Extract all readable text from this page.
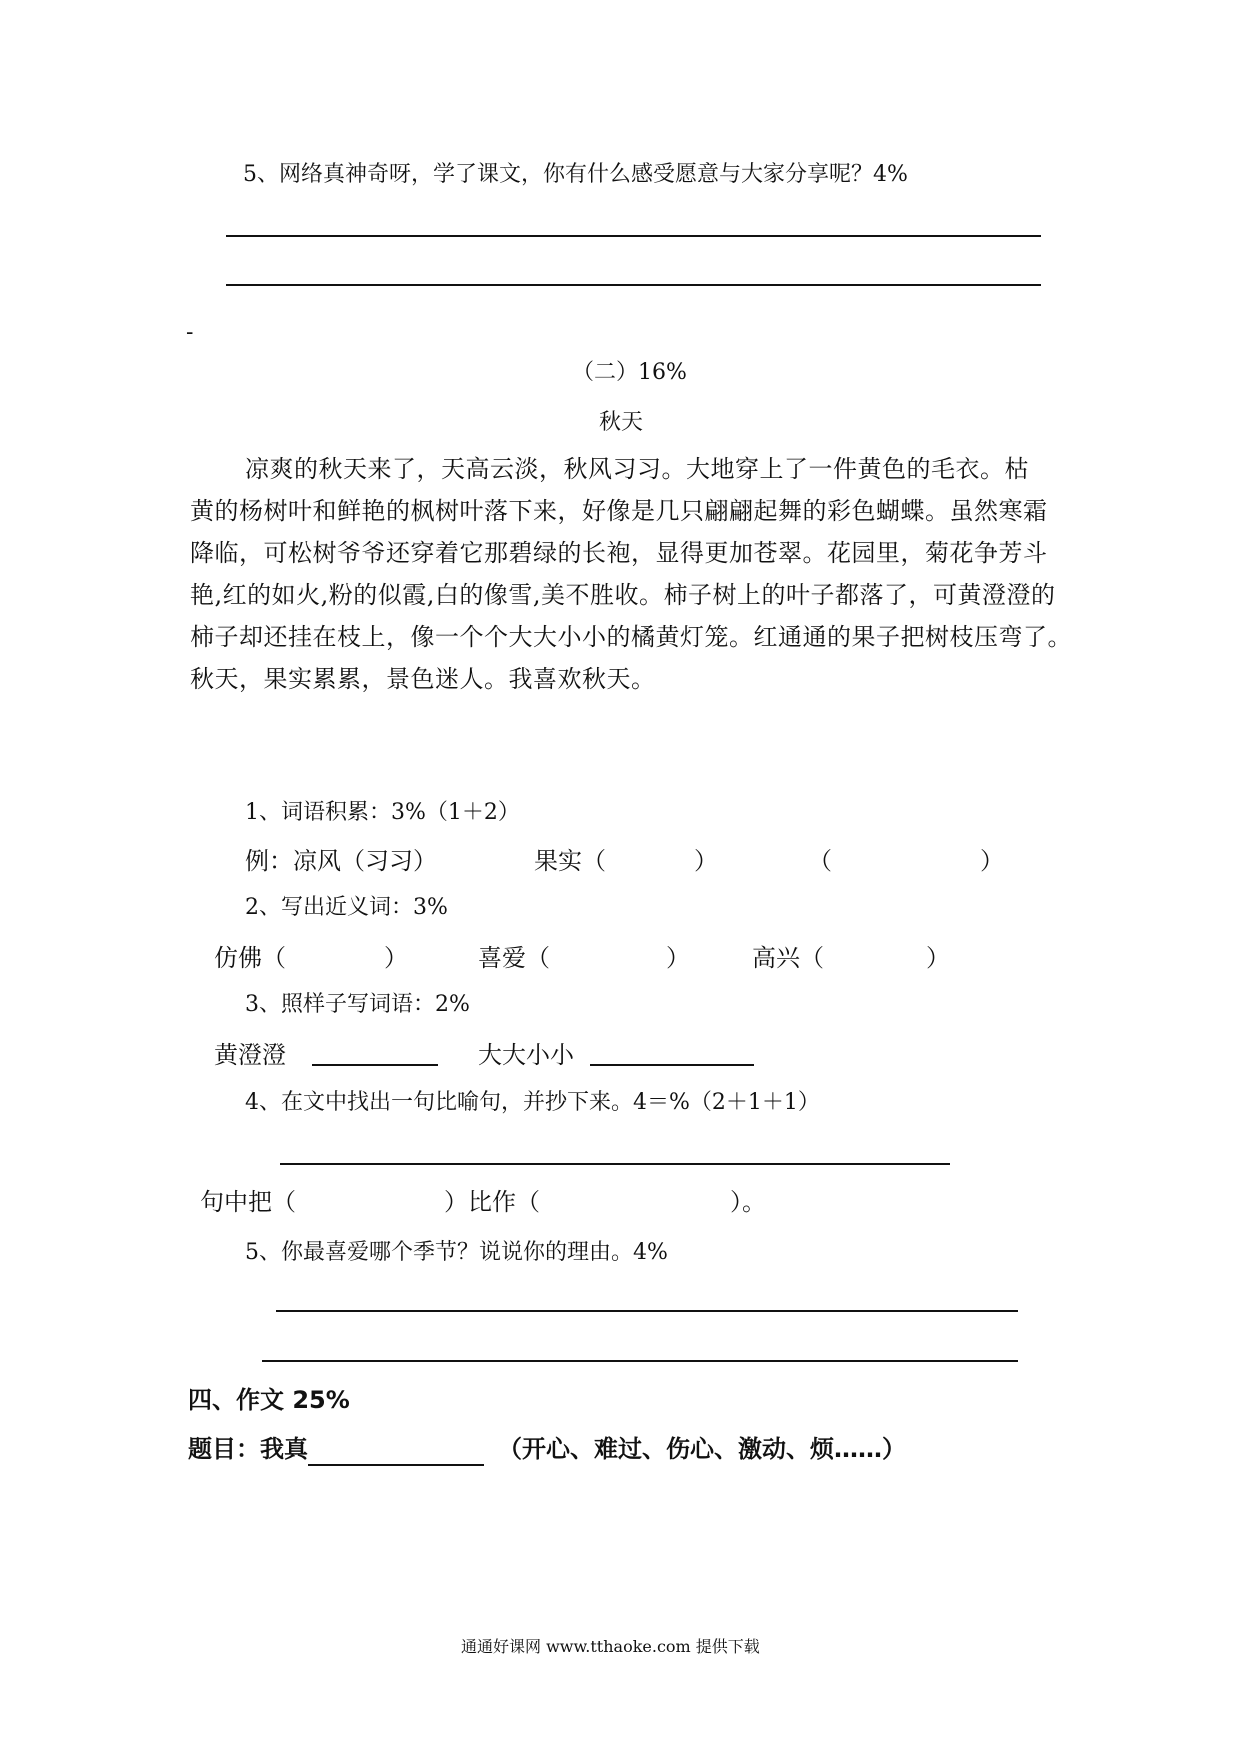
5、网络真神奇呀，学了课文，你有什么感受愿意与大家分享呢？4%
-
（二）16%
秋天

凉爽的秋天来了，天高云淡，秋风习习。大地穿上了一件黄色的毛衣。枯

黄的杨树叶和鲜艳的枫树叶落下来，好像是几只翩翩起舞的彩色蝴蝶。虽然寒霜

降临，可松树爷爷还穿着它那碧绿的长袍，显得更加苍翠。花园里，菊花争芳斗

艳,红的如火,粉的似霞,白的像雪,美不胜收。柿子树上的叶子都落了，可黄澄澄的

柿子却还挂在枝上，像一个个大大小小的橘黄灯笼。红通通的果子把树枝压弯了。

秋天，果实累累，景色迷人。我喜欢秋天。

1、词语积累：3%（1＋2）
例：凉风（习习）	果实（	）	（	）
2、写出近义词：3%
仿佛（	）	喜爱（	）	高兴（	）
3、照样子写词语：2%
黄澄澄	大大小小
4、在文中找出一句比喻句，并抄下来。4＝%（2＋1＋1）
句中把（	）比作（	）。
5、你最喜爱哪个季节？说说你的理由。4%
四、作文 25%
题目：我真	（开心、难过、伤心、激动、烦……）
通通好课网 www.tthaoke.com 提供下载
